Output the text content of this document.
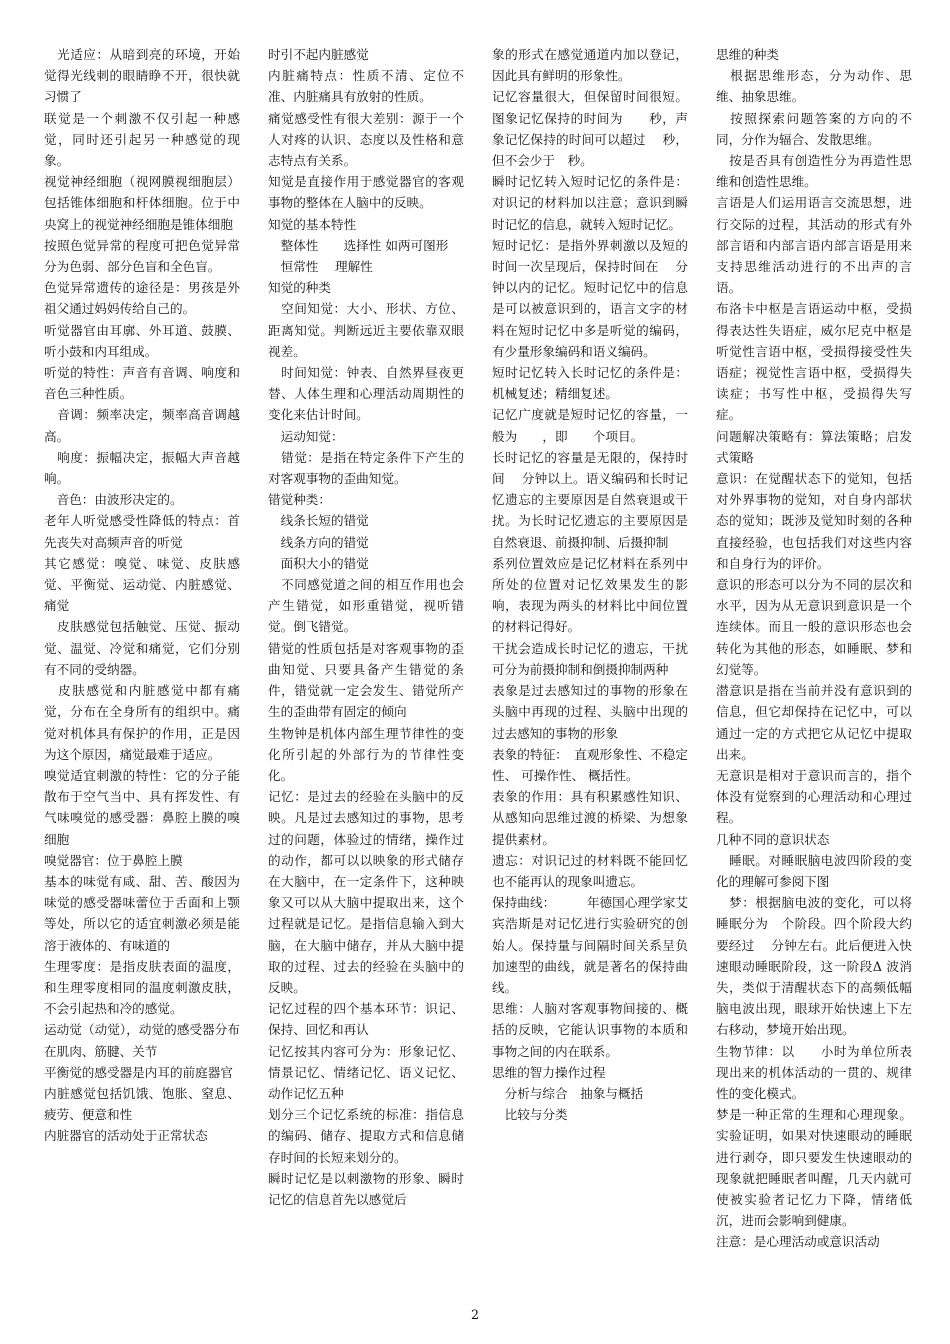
　光适应：从暗到亮的环境，开始觉得光线刺的眼睛睁不开，很快就习惯了

联觉是一个刺激不仅引起一种感觉，同时还引起另一种感觉的现象。

视觉神经细胞（视网膜视细胞层）包括锥体细胞和杆体细胞。位于中央窝上的视觉神经细胞是锥体细胞

按照色觉异常的程度可把色觉异常分为色弱、部分色盲和全色盲。

色觉异常遗传的途径是：男孩是外祖父通过妈妈传给自己的。

听觉器官由耳廓、外耳道、鼓膜、听小鼓和内耳组成。

听觉的特性：声音有音调、响度和音色三种性质。

　音调：频率决定，频率高音调越高。

　响度：振幅决定，振幅大声音越响。

　音色：由波形决定的。

老年人听觉感受性降低的特点：首先丧失对高频声音的听觉

其它感觉：嗅觉、味觉、皮肤感觉、平衡觉、运动觉、内脏感觉、痛觉

　皮肤感觉包括触觉、压觉、振动觉、温觉、冷觉和痛觉，它们分别有不同的受纳器。

　皮肤感觉和内脏感觉中都有痛觉，分布在全身所有的组织中。痛觉对机体具有保护的作用，正是因为这个原因，痛觉最难于适应。

嗅觉适宜刺激的特性：它的分子能散布于空气当中、具有挥发性、有气味嗅觉的感受器：鼻腔上膜的嗅细胞

嗅觉器官：位于鼻腔上膜

基本的味觉有咸、甜、苦、酸因为味觉的感受器味蕾位于舌面和上颚等处，所以它的适宜刺激必须是能溶于液体的、有味道的

生理零度：是指皮肤表面的温度，和生理零度相同的温度刺激皮肤，不会引起热和冷的感觉。

运动觉（动觉），动觉的感受器分布在肌肉、筋腱、关节

平衡觉的感受器是内耳的前庭器官

内脏感觉包括饥饿、饱胀、窒息、疲劳、便意和性

内脏器官的活动处于正常状态

时引不起内脏感觉

内脏痛特点：性质不清、定位不准、内脏痛具有放射的性质。

痛觉感受性有很大差别：源于一个人对疼的认识、态度以及性格和意志特点有关系。

知觉是直接作用于感觉器官的客观事物的整体在人脑中的反映。

知觉的基本特性

　整体性　　选择性 如两可图形

　恒常性　 理解性

知觉的种类

　空间知觉：大小、形状、方位、距离知觉。判断远近主要依靠双眼视差。

　时间知觉：钟表、自然界昼夜更替、人体生理和心理活动周期性的变化来估计时间。

　运动知觉：

　错觉：是指在特定条件下产生的对客观事物的歪曲知觉。

错觉种类：

　线条长短的错觉

　线条方向的错觉

　面积大小的错觉

　不同感觉道之间的相互作用也会产生错觉，如形重错觉，视听错觉。倒飞错觉。

错觉的性质包括是对客观事物的歪曲知觉、只要具备产生错觉的条件，错觉就一定会发生、错觉所产生的歪曲带有固定的倾向

生物钟是机体内部生理节律性的变化所引起的外部行为的节律性变化。

记忆：是过去的经验在头脑中的反映。凡是过去感知过的事物，思考过的问题，体验过的情绪，操作过的动作，都可以以映象的形式储存在大脑中，在一定条件下，这种映象又可以从大脑中提取出来，这个过程就是记忆。是指信息输入到大脑，在大脑中储存，并从大脑中提取的过程、过去的经验在头脑中的反映。

记忆过程的四个基本环节：识记、保持、回忆和再认

记忆按其内容可分为：形象记忆、情景记忆、情绪记忆、语义记忆、动作记忆五种

划分三个记忆系统的标准：指信息的编码、储存、提取方式和信息储存时间的长短来划分的。

瞬时记忆是以刺激物的形象、瞬时记忆的信息首先以感觉后

象的形式在感觉通道内加以登记，因此具有鲜明的形象性。

记忆容量很大，但保留时间很短。图象记忆保持的时间为　　秒，声象记忆保持的时间可以超过　 秒，但不会少于　秒。

瞬时记忆转入短时记忆的条件是：对识记的材料加以注意；意识到瞬时记忆的信息，就转入短时记忆。

短时记忆：是指外界刺激以及短的时间一次呈现后，保持时间在　 分钟以内的记忆。短时记忆中的信息是可以被意识到的，语言文字的材料在短时记忆中多是听觉的编码，有少量形象编码和语义编码。

短时记忆转入长时记忆的条件是：机械复述；精细复述。

记忆广度就是短时记忆的容量，一般为　　，即　　个项目。

长时记忆的容量是无限的，保持时间　 分钟以上。语义编码和长时记忆遗忘的主要原因是自然衰退或干扰。为长时记忆遗忘的主要原因是自然衰退、前摄抑制、后摄抑制

系列位置效应是记忆材料在系列中所处的位置对记忆效果发生的影响，表现为两头的材料比中间位置的材料记得好。

干扰会造成长时记忆的遗忘，干扰可分为前摄抑制和倒摄抑制两种

表象是过去感知过的事物的形象在头脑中再现的过程、头脑中出现的过去感知的事物的形象

表象的特征：　直观形象性、不稳定性、 可操作性、 概括性。

表象的作用：具有积累感性知识、从感知向思维过渡的桥梁、为想象提供素材。

遗忘：对识记过的材料既不能回忆也不能再认的现象叫遗忘。

保持曲线：　　　年德国心理学家艾宾浩斯是对记忆进行实验研究的创始人。保持量与间隔时间关系呈负加速型的曲线，就是著名的保持曲线。

思维：人脑对客观事物间接的、概括的反映，它能认识事物的本质和事物之间的内在联系。

思维的智力操作过程

　分析与综合　抽象与概括

　比较与分类

思维的种类

　根据思维形态，分为动作、思维、抽象思维。

　按照探索问题答案的方向的不同，分作为辐合、发散思维。

　按是否具有创造性分为再造性思维和创造性思维。

言语是人们运用语言交流思想，进行交际的过程，其活动的形式有外部言语和内部言语内部言语是用来支持思维活动进行的不出声的言语。

布洛卡中枢是言语运动中枢，受损得表达性失语症，威尔尼克中枢是听觉性言语中枢，受损得接受性失语症；视觉性言语中枢，受损得失读症；书写性中枢，受损得失写症。

问题解决策略有：算法策略；启发式策略

意识：在觉醒状态下的觉知，包括对外界事物的觉知，对自身内部状态的觉知；既涉及觉知时刻的各种直接经验，也包括我们对这些内容和自身行为的评价。

意识的形态可以分为不同的层次和水平，因为从无意识到意识是一个连续体。而且一般的意识形态也会转化为其他的形态，如睡眠、梦和幻觉等。

潜意识是指在当前并没有意识到的信息，但它却保持在记忆中，可以通过一定的方式把它从记忆中提取出来。

无意识是相对于意识而言的，指个体没有觉察到的心理活动和心理过程。

几种不同的意识状态

　睡眠。对睡眠脑电波四阶段的变化的理解可参阅下图

　梦：根据脑电波的变化，可以将睡眠分为　个阶段。四个阶段大约要经过　 分钟左右。此后便进入快速眼动睡眠阶段，这一阶段Δ 波消失，类似于清醒状态下的高频低幅脑电波出现，眼球开始快速上下左右移动，梦境开始出现。

生物节律：以　　小时为单位所表现出来的机体活动的一贯的、规律性的变化模式。

梦是一种正常的生理和心理现象。实验证明，如果对快速眼动的睡眠进行剥夺，即只要发生快速眼动的现象就把睡眠者叫醒，几天内就可使被实验者记忆力下降，情绪低沉，进而会影响到健康。

注意：是心理活动或意识活动

2
